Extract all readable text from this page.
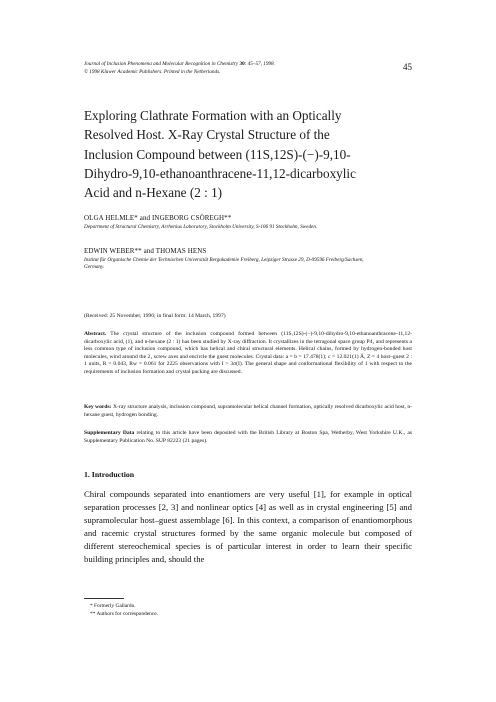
Journal of Inclusion Phenomena and Molecular Recognition in Chemistry 30: 45–57, 1998.
© 1998 Kluwer Academic Publishers. Printed in the Netherlands.	45
Exploring Clathrate Formation with an Optically
Resolved Host. X-Ray Crystal Structure of the
Inclusion Compound between (11S,12S)-(−)-9,10-
Dihydro-9,10-ethanoanthracene-11,12-dicarboxylic
Acid and n-Hexane (2 : 1)
OLGA HELMLE* and INGEBORG CSÖREGH**
Department of Structural Chemistry, Arrhenius Laboratory, Stockholm University, S-106 91 Stockholm, Sweden.
EDWIN WEBER** and THOMAS HENS
Institut für Organische Chemie der Technischen Universität Bergakademie Freiberg, Leipziger Strasse 29, D-09596 Freiberg/Sachsen, Germany.
(Received: 25 November, 1996; in final form: 14 March, 1997)
Abstract. The crystal structure of the inclusion compound formed between (11S,12S)-(−)-9,10-dihydro-9,10-ethanoanthracene-11,12-dicarboxylic acid, (1), and n-hexane (2 : 1) has been studied by X-ray diffraction. It crystallizes in the tetragonal space group P4₁ and represents a less common type of inclusion compound, which has helical and chiral structural elements. Helical chains, formed by hydrogen-bonded host molecules, wind around the 2₁ screw axes and encircle the guest molecules. Crystal data: a = b = 17.478(1); c = 12.021(1) Å, Z = 4 host–guest 2 : 1 units, R = 0.043, Rw = 0.061 for 2225 observations with I > 3σ(I). The general shape and conformational flexibility of 1 with respect to the requirements of inclusion formation and crystal packing are discussed.
Key words: X-ray structure analysis, inclusion compound, supramolecular helical channel formation, optically resolved dicarboxylic acid host, n-hexane guest, hydrogen bonding.
Supplementary Data relating to this article have been deposited with the British Library at Boston Spa, Wetherby, West Yorkshire U.K., as Supplementary Publication No. SUP 82223 (21 pages).
1. Introduction
Chiral compounds separated into enantiomers are very useful [1], for example in optical separation processes [2, 3] and nonlinear optics [4] as well as in crystal engineering [5] and supramolecular host–guest assemblage [6]. In this context, a comparison of enantiomorphous and racemic crystal structures formed by the same organic molecule but composed of different stereochemical species is of particular interest in order to learn their specific building principles and, should the
* Formerly Gallardo.
** Authors for correspondence.
